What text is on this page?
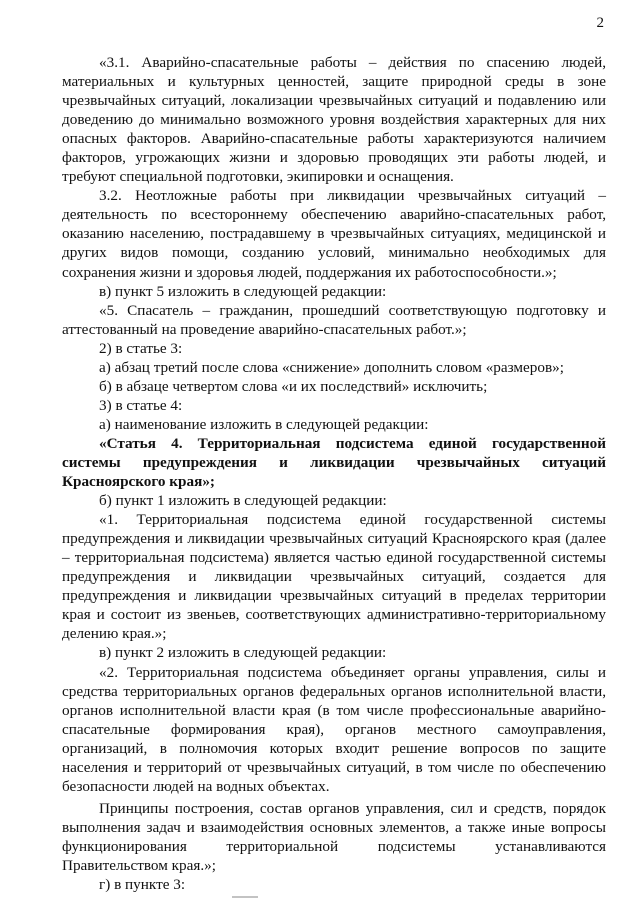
2

«3.1. Аварийно-спасательные работы – действия по спасению людей, материальных и культурных ценностей, защите природной среды в зоне чрезвычайных ситуаций, локализации чрезвычайных ситуаций и подавлению или доведению до минимально возможного уровня воздействия характерных для них опасных факторов. Аварийно-спасательные работы характеризуются наличием факторов, угрожающих жизни и здоровью проводящих эти работы людей, и требуют специальной подготовки, экипировки и оснащения.

3.2. Неотложные работы при ликвидации чрезвычайных ситуаций – деятельность по всестороннему обеспечению аварийно-спасательных работ, оказанию населению, пострадавшему в чрезвычайных ситуациях, медицинской и других видов помощи, созданию условий, минимально необходимых для сохранения жизни и здоровья людей, поддержания их работоспособности.»;

в) пункт 5 изложить в следующей редакции:

«5. Спасатель – гражданин, прошедший соответствующую подготовку и аттестованный на проведение аварийно-спасательных работ.»;

2) в статье 3:

а) абзац третий после слова «снижение» дополнить словом «размеров»;

б) в абзаце четвертом слова «и их последствий» исключить;

3) в статье 4:

а) наименование изложить в следующей редакции:

«Статья 4. Территориальная подсистема единой государственной системы предупреждения и ликвидации чрезвычайных ситуаций Красноярского края»;

б) пункт 1 изложить в следующей редакции:

«1. Территориальная подсистема единой государственной системы предупреждения и ликвидации чрезвычайных ситуаций Красноярского края (далее – территориальная подсистема) является частью единой государственной системы предупреждения и ликвидации чрезвычайных ситуаций, создается для предупреждения и ликвидации чрезвычайных ситуаций в пределах территории края и состоит из звеньев, соответствующих административно-территориальному делению края.»;

в) пункт 2 изложить в следующей редакции:

«2. Территориальная подсистема объединяет органы управления, силы и средства территориальных органов федеральных органов исполнительной власти, органов исполнительной власти края (в том числе профессиональные аварийно-спасательные формирования края), органов местного самоуправления, организаций, в полномочия которых входит решение вопросов по защите населения и территорий от чрезвычайных ситуаций, в том числе по обеспечению безопасности людей на водных объектах.

Принципы построения, состав органов управления, сил и средств, порядок выполнения задач и взаимодействия основных элементов, а также иные вопросы функционирования территориальной подсистемы устанавливаются Правительством края.»;

г) в пункте 3:
